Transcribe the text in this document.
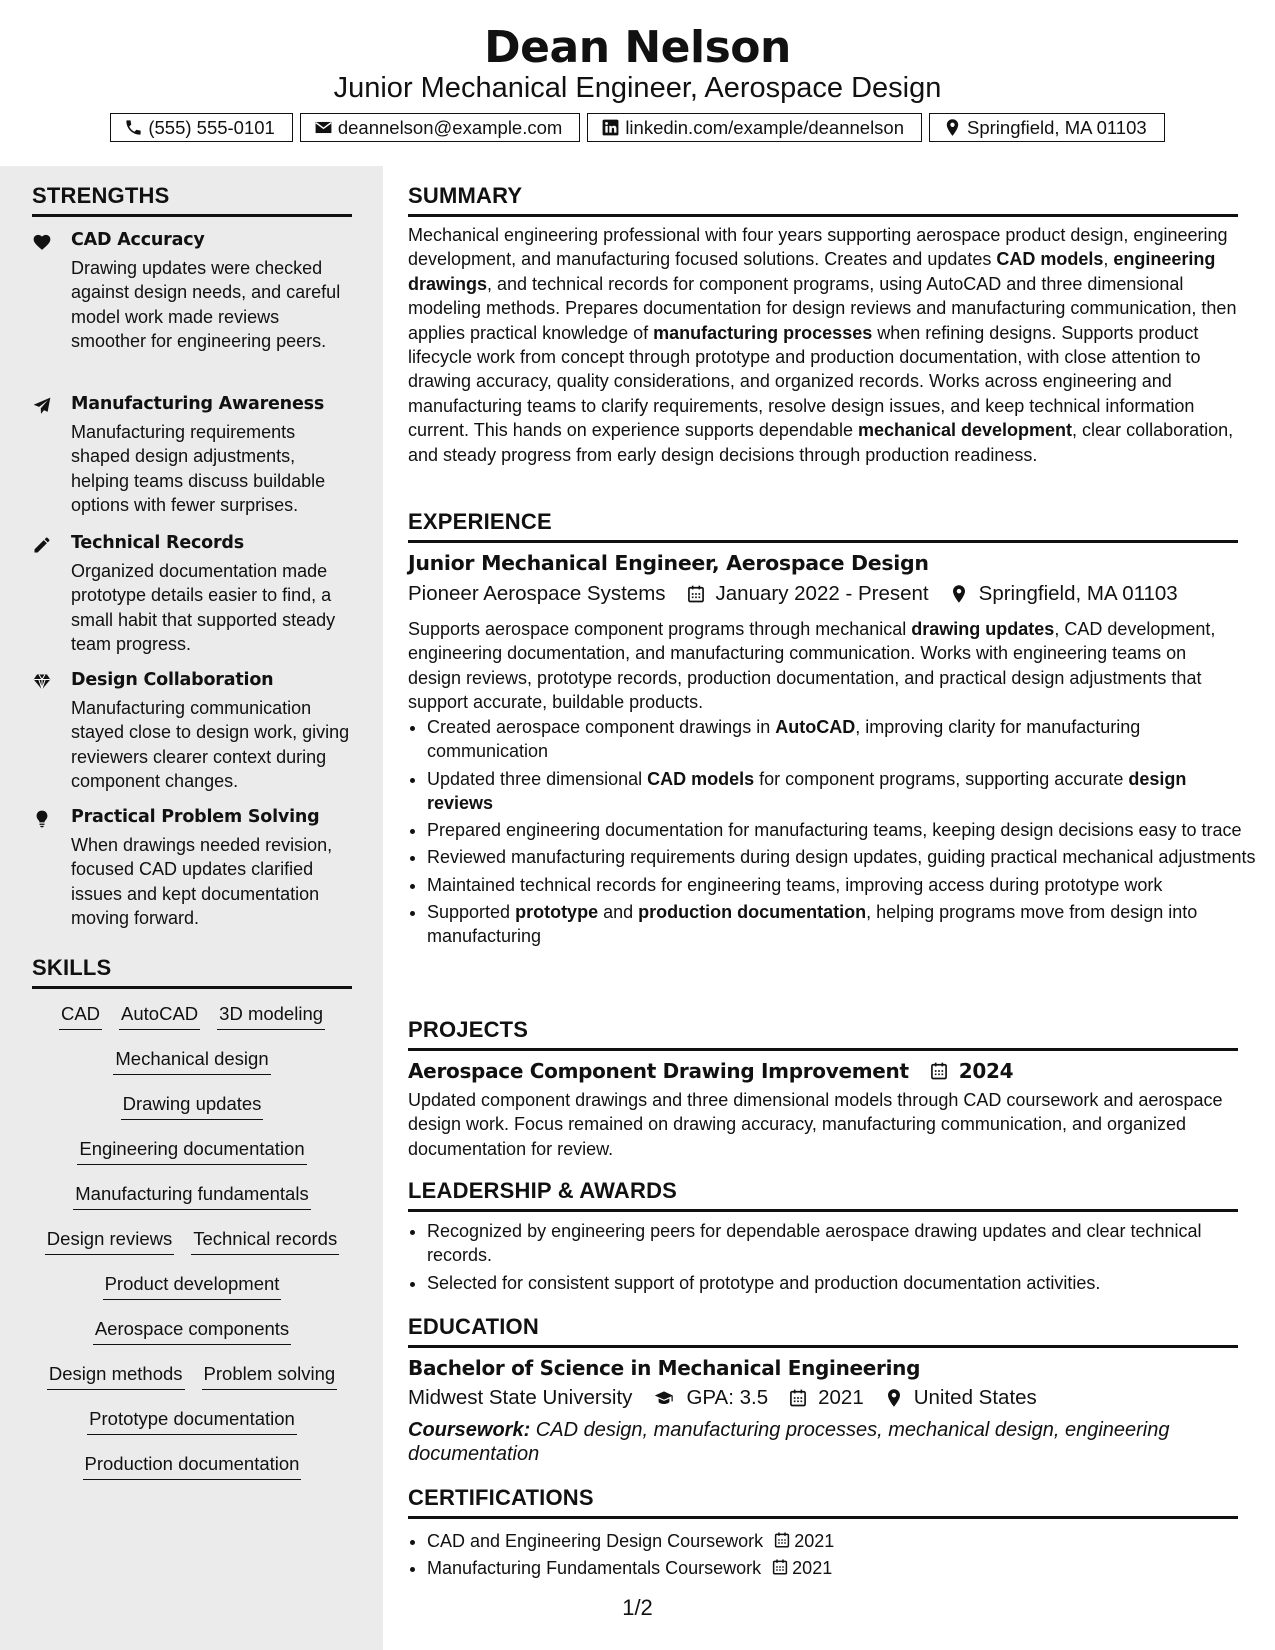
Dean Nelson
Junior Mechanical Engineer, Aerospace Design
(555) 555-0101	deannelson@example.com	linkedin.com/example/deannelson	Springfield, MA 01103
STRENGTHS
CAD Accuracy
Drawing updates were checked against design needs, and careful model work made reviews smoother for engineering peers.
Manufacturing Awareness
Manufacturing requirements shaped design adjustments, helping teams discuss buildable options with fewer surprises.
Technical Records
Organized documentation made prototype details easier to find, a small habit that supported steady team progress.
Design Collaboration
Manufacturing communication stayed close to design work, giving reviewers clearer context during component changes.
Practical Problem Solving
When drawings needed revision, focused CAD updates clarified issues and kept documentation moving forward.
SKILLS
CAD AutoCAD 3D modeling
Mechanical design
Drawing updates
Engineering documentation
Manufacturing fundamentals
Design reviews Technical records
Product development
Aerospace components
Design methods Problem solving
Prototype documentation
Production documentation
SUMMARY
Mechanical engineering professional with four years supporting aerospace product design, engineering development, and manufacturing focused solutions. Creates and updates CAD models, engineering drawings, and technical records for component programs, using AutoCAD and three dimensional modeling methods. Prepares documentation for design reviews and manufacturing communication, then applies practical knowledge of manufacturing processes when refining designs. Supports product lifecycle work from concept through prototype and production documentation, with close attention to drawing accuracy, quality considerations, and organized records. Works across engineering and manufacturing teams to clarify requirements, resolve design issues, and keep technical information current. This hands on experience supports dependable mechanical development, clear collaboration, and steady progress from early design decisions through production readiness.
EXPERIENCE
Junior Mechanical Engineer, Aerospace Design
Pioneer Aerospace Systems January 2022 - Present Springfield, MA 01103
Supports aerospace component programs through mechanical drawing updates, CAD development, engineering documentation, and manufacturing communication. Works with engineering teams on design reviews, prototype records, production documentation, and practical design adjustments that support accurate, buildable products.
• Created aerospace component drawings in AutoCAD, improving clarity for manufacturing communication
• Updated three dimensional CAD models for component programs, supporting accurate design reviews
• Prepared engineering documentation for manufacturing teams, keeping design decisions easy to trace
• Reviewed manufacturing requirements during design updates, guiding practical mechanical adjustments
• Maintained technical records for engineering teams, improving access during prototype work
• Supported prototype and production documentation, helping programs move from design into manufacturing
PROJECTS
Aerospace Component Drawing Improvement	2024
Updated component drawings and three dimensional models through CAD coursework and aerospace design work. Focus remained on drawing accuracy, manufacturing communication, and organized documentation for review.
LEADERSHIP & AWARDS
• Recognized by engineering peers for dependable aerospace drawing updates and clear technical records.
• Selected for consistent support of prototype and production documentation activities.
EDUCATION
Bachelor of Science in Mechanical Engineering
Midwest State University	GPA: 3.5 2021 United States
Coursework: CAD design, manufacturing processes, mechanical design, engineering documentation
CERTIFICATIONS
• CAD and Engineering Design Coursework 2021
• Manufacturing Fundamentals Coursework 2021
1/2
